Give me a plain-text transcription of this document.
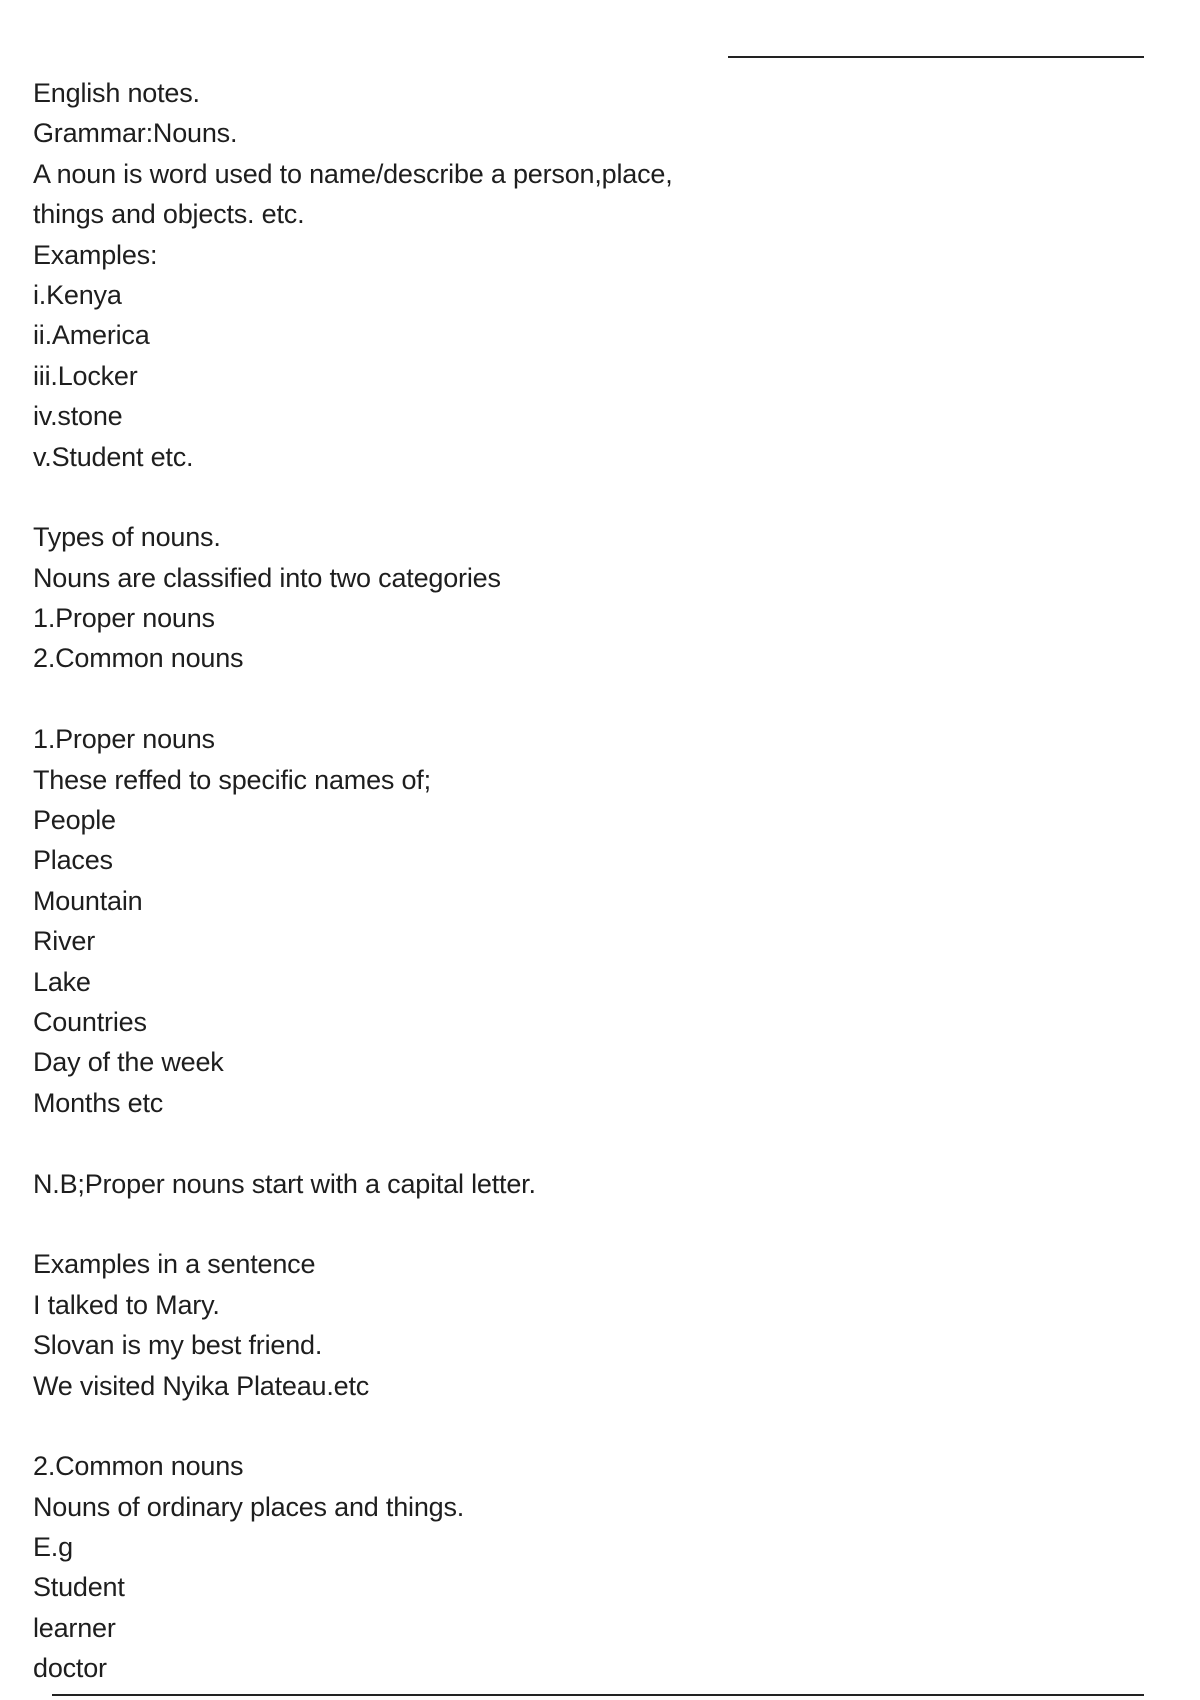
English notes.
Grammar:Nouns.
A noun is word used to name/describe a person,place,
things and objects. etc.
Examples:
i.Kenya
ii.America
iii.Locker
iv.stone
v.Student etc.
Types of nouns.
Nouns are classified into two categories
1.Proper nouns
2.Common nouns
1.Proper nouns
These reffed to specific names of;
People
Places
Mountain
River
Lake
Countries
Day of the week
Months etc
N.B;Proper nouns start with a capital letter.
Examples in a sentence
I talked to Mary.
Slovan is my best friend.
We visited Nyika Plateau.etc
2.Common nouns
Nouns of ordinary places and things.
E.g
Student
learner
doctor
